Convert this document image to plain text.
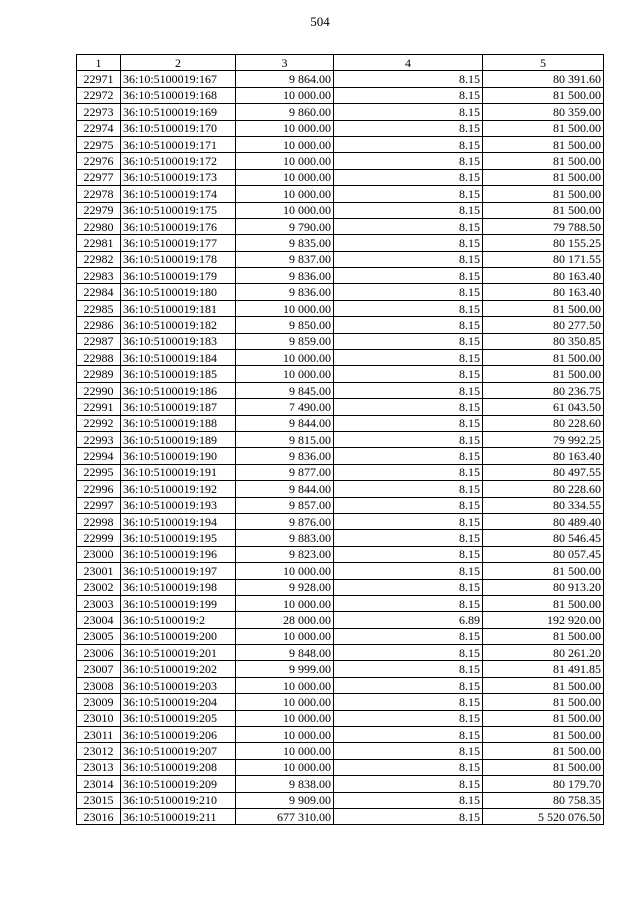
504
1	2	3	4	5
22971	36:10:5100019:167	9 864.00	8.15	80 391.60
22972	36:10:5100019:168	10 000.00	8.15	81 500.00
22973	36:10:5100019:169	9 860.00	8.15	80 359.00
22974	36:10:5100019:170	10 000.00	8.15	81 500.00
22975	36:10:5100019:171	10 000.00	8.15	81 500.00
22976	36:10:5100019:172	10 000.00	8.15	81 500.00
22977	36:10:5100019:173	10 000.00	8.15	81 500.00
22978	36:10:5100019:174	10 000.00	8.15	81 500.00
22979	36:10:5100019:175	10 000.00	8.15	81 500.00
22980	36:10:5100019:176	9 790.00	8.15	79 788.50
22981	36:10:5100019:177	9 835.00	8.15	80 155.25
22982	36:10:5100019:178	9 837.00	8.15	80 171.55
22983	36:10:5100019:179	9 836.00	8.15	80 163.40
22984	36:10:5100019:180	9 836.00	8.15	80 163.40
22985	36:10:5100019:181	10 000.00	8.15	81 500.00
22986	36:10:5100019:182	9 850.00	8.15	80 277.50
22987	36:10:5100019:183	9 859.00	8.15	80 350.85
22988	36:10:5100019:184	10 000.00	8.15	81 500.00
22989	36:10:5100019:185	10 000.00	8.15	81 500.00
22990	36:10:5100019:186	9 845.00	8.15	80 236.75
22991	36:10:5100019:187	7 490.00	8.15	61 043.50
22992	36:10:5100019:188	9 844.00	8.15	80 228.60
22993	36:10:5100019:189	9 815.00	8.15	79 992.25
22994	36:10:5100019:190	9 836.00	8.15	80 163.40
22995	36:10:5100019:191	9 877.00	8.15	80 497.55
22996	36:10:5100019:192	9 844.00	8.15	80 228.60
22997	36:10:5100019:193	9 857.00	8.15	80 334.55
22998	36:10:5100019:194	9 876.00	8.15	80 489.40
22999	36:10:5100019:195	9 883.00	8.15	80 546.45
23000	36:10:5100019:196	9 823.00	8.15	80 057.45
23001	36:10:5100019:197	10 000.00	8.15	81 500.00
23002	36:10:5100019:198	9 928.00	8.15	80 913.20
23003	36:10:5100019:199	10 000.00	8.15	81 500.00
23004	36:10:5100019:2	28 000.00	6.89	192 920.00
23005	36:10:5100019:200	10 000.00	8.15	81 500.00
23006	36:10:5100019:201	9 848.00	8.15	80 261.20
23007	36:10:5100019:202	9 999.00	8.15	81 491.85
23008	36:10:5100019:203	10 000.00	8.15	81 500.00
23009	36:10:5100019:204	10 000.00	8.15	81 500.00
23010	36:10:5100019:205	10 000.00	8.15	81 500.00
23011	36:10:5100019:206	10 000.00	8.15	81 500.00
23012	36:10:5100019:207	10 000.00	8.15	81 500.00
23013	36:10:5100019:208	10 000.00	8.15	81 500.00
23014	36:10:5100019:209	9 838.00	8.15	80 179.70
23015	36:10:5100019:210	9 909.00	8.15	80 758.35
23016	36:10:5100019:211	677 310.00	8.15	5 520 076.50
